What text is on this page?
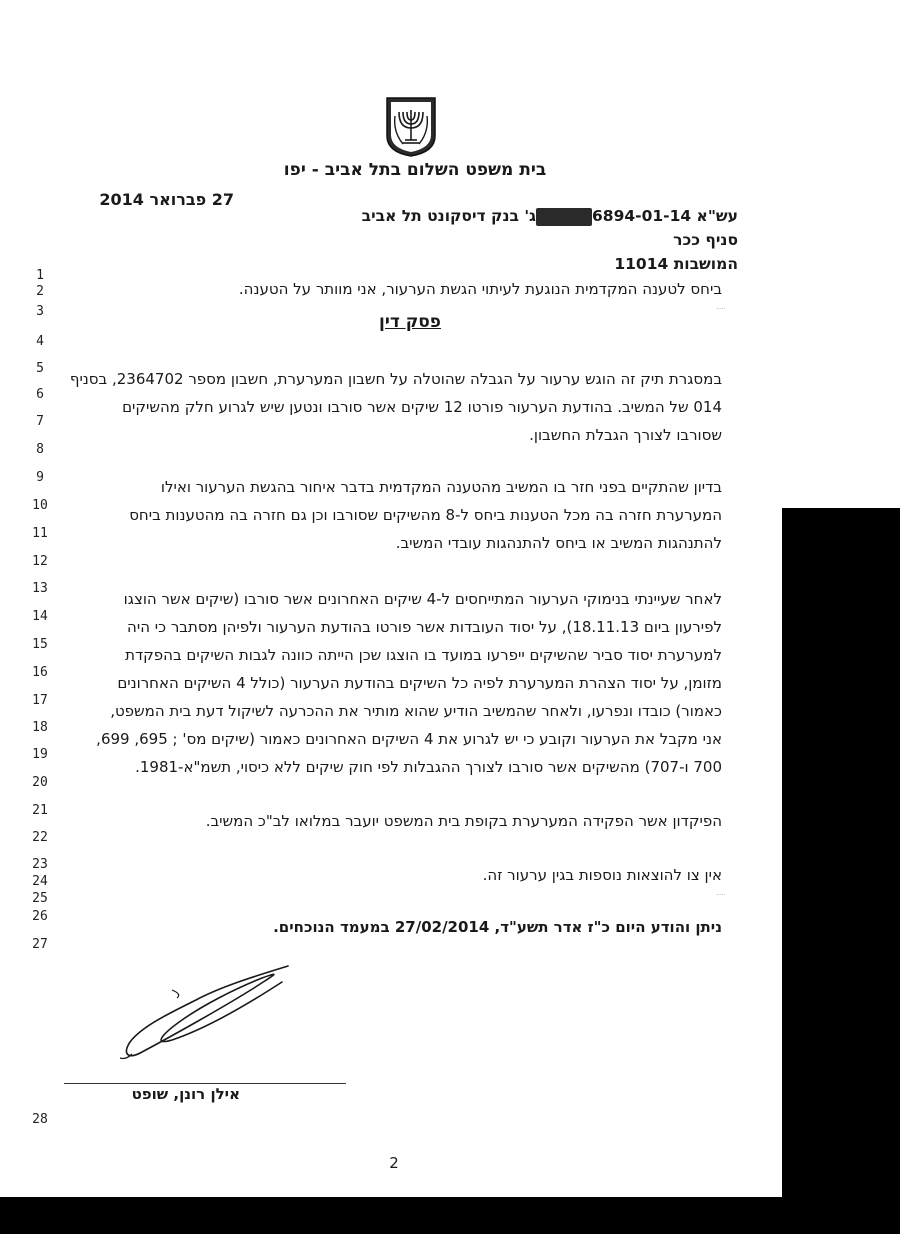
בית משפט השלום בתל אביב - יפו
27 פברואר 2014
עש"א 6894-01-14ג' בנק דיסקונט תל אביב סניף ככר
המושבות 11014
1
2
3
4
5
6
7
8
9
10
11
12
13
14
15
16
17
18
19
20
21
22
23
24
25
26
27
28
ביחס לטענה המקדמית הנוגעת לעיתוי הגשת הערעור, אני מוותר על הטענה.
·····
פסק דין
במסגרת תיק זה הוגש ערעור על הגבלה שהוטלה על חשבון המערערת, חשבון מספר 2364702, בסניף
014 של המשיב. בהודעת הערעור פורטו 12 שיקים אשר סורבו ונטען שיש לגרוע חלק מהשיקים
שסורבו לצורך הגבלת החשבון.
בדיון שהתקיים בפני חזר בו המשיב מהטענה המקדמית בדבר איחור בהגשת הערעור ואילו
המערערת חזרה בה מכל הטענות ביחס ל-8 מהשיקים שסורבו וכן גם חזרה בה מהטענות ביחס
להתנהגות המשיב או ביחס להתנהגות עובדי המשיב.
לאחר שעיינתי בנימוקי הערעור המתייחסים ל-4 שיקים האחרונים אשר סורבו (שיקים אשר הוצגו
לפירעון ביום 18.11.13), על יסוד העובדות אשר פורטו בהודעת הערעור ולפיהן מסתבר כי היה
למערערת יסוד סביר שהשיקים ייפרעו במועד בו הוצגו שכן הייתה כוונה לגבות השיקים בהפקדת
מזומן, על יסוד הצהרת המערערת לפיה כל השיקים בהודעת הערעור (כולל 4 השיקים האחרונים
כאמור) כובדו ונפרעו, ולאחר שהמשיב הודיע שהוא מותיר את ההכרעה לשיקול דעת בית המשפט,
אני מקבל את הערעור וקובע כי יש לגרוע את 4 השיקים האחרונים כאמור (שיקים מס' ; 695, 699,
700 ו-707) מהשיקים אשר סורבו לצורך ההגבלות לפי חוק שיקים ללא כיסוי, תשמ"א-1981.
הפיקדון אשר הפקידה המערערת בקופת בית המשפט יועבר במלואו לב"כ המשיב.
אין צו להוצאות נוספות בגין ערעור זה.
·····
ניתן והודע היום כ"ז אדר תשע"ד, 27/02/2014 במעמד הנוכחים.
אילן רונן, שופט
2
